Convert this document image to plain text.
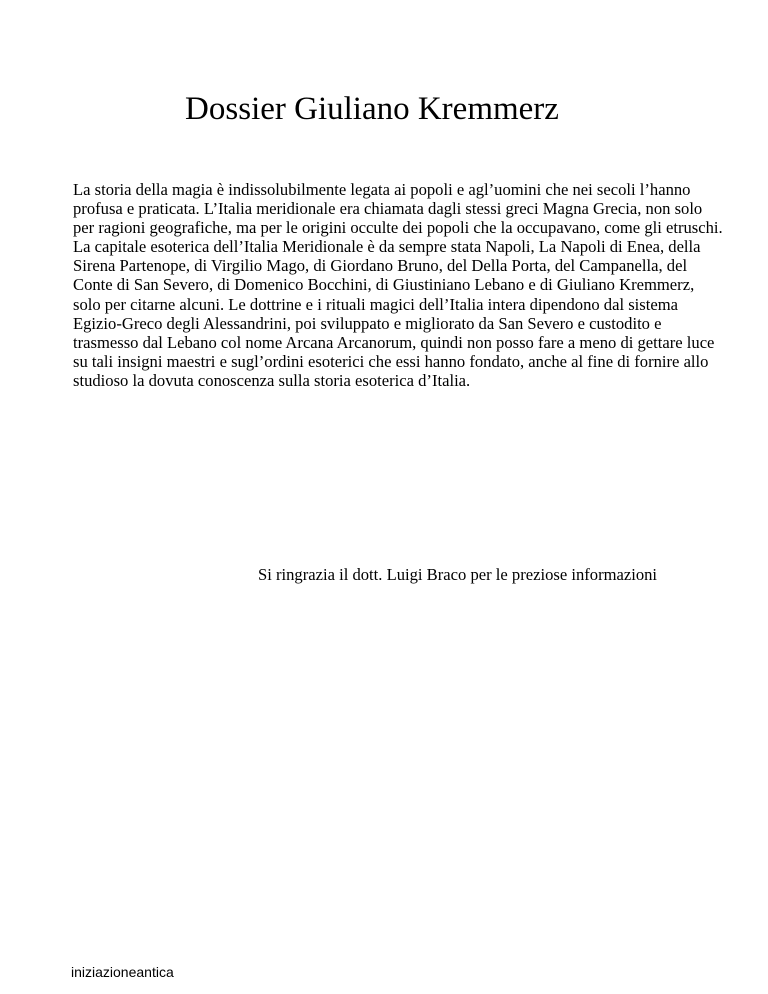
Dossier Giuliano Kremmerz

La storia della magia è indissolubilmente legata ai popoli e agl’uomini che nei secoli l’hanno profusa e praticata. L’Italia meridionale era chiamata dagli stessi greci Magna Grecia, non solo per ragioni geografiche, ma per le origini occulte dei popoli che la occupavano, come gli etruschi. La capitale esoterica dell’Italia Meridionale è da sempre stata Napoli, La Napoli di Enea, della Sirena Partenope, di Virgilio Mago, di Giordano Bruno, del Della Porta, del Campanella, del Conte di San Severo, di Domenico Bocchini, di Giustiniano Lebano e di Giuliano Kremmerz, solo per citarne alcuni. Le dottrine e i rituali magici dell’Italia intera dipendono dal sistema Egizio-Greco degli Alessandrini, poi sviluppato e migliorato da San Severo e custodito e trasmesso dal Lebano col nome Arcana Arcanorum, quindi non posso fare a meno di gettare luce su tali insigni maestri e sugl’ordini esoterici che essi hanno fondato, anche al fine di fornire allo studioso la dovuta conoscenza sulla storia esoterica d’Italia.

Si ringrazia il dott. Luigi Braco per le preziose informazioni

iniziazioneantica
